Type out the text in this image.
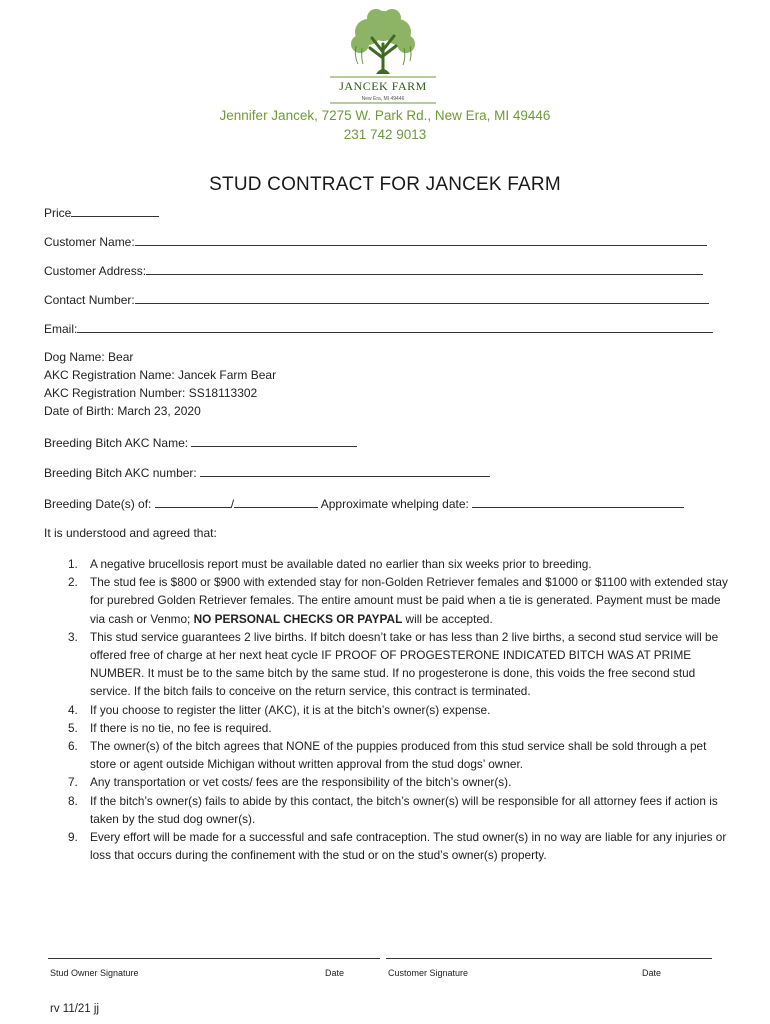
JANCEK FARM
New Era, MI 49446
Jennifer Jancek, 7275 W. Park Rd., New Era, MI 49446
231 742 9013
STUD CONTRACT FOR JANCEK FARM
Price
Customer Name:
Customer Address:
Contact Number:
Email:
Dog Name: Bear
AKC Registration Name: Jancek Farm Bear
AKC Registration Number: SS18113302
Date of Birth: March 23, 2020
Breeding Bitch AKC Name:
Breeding Bitch AKC number:
Breeding Date(s) of:	/	Approximate whelping date:
It is understood and agreed that:
1. A negative brucellosis report must be available dated no earlier than six weeks prior to breeding.
2. The stud fee is $800 or $900 with extended stay for non-Golden Retriever females and $1000 or $1100 with extended stay for purebred Golden Retriever females. The entire amount must be paid when a tie is generated. Payment must be made via cash or Venmo; NO PERSONAL CHECKS OR PAYPAL will be accepted.
3. This stud service guarantees 2 live births. If bitch doesn’t take or has less than 2 live births, a second stud service will be offered free of charge at her next heat cycle IF PROOF OF PROGESTERONE INDICATED BITCH WAS AT PRIME NUMBER. It must be to the same bitch by the same stud. If no progesterone is done, this voids the free second stud service. If the bitch fails to conceive on the return service, this contract is terminated.
4. If you choose to register the litter (AKC), it is at the bitch’s owner(s) expense.
5. If there is no tie, no fee is required.
6. The owner(s) of the bitch agrees that NONE of the puppies produced from this stud service shall be sold through a pet store or agent outside Michigan without written approval from the stud dogs’ owner.
7. Any transportation or vet costs/ fees are the responsibility of the bitch’s owner(s).
8. If the bitch’s owner(s) fails to abide by this contact, the bitch’s owner(s) will be responsible for all attorney fees if action is taken by the stud dog owner(s).
9. Every effort will be made for a successful and safe contraception. The stud owner(s) in no way are liable for any injuries or loss that occurs during the confinement with the stud or on the stud’s owner(s) property.
Stud Owner Signature	Date	Customer Signature	Date
rv 11/21 jj
